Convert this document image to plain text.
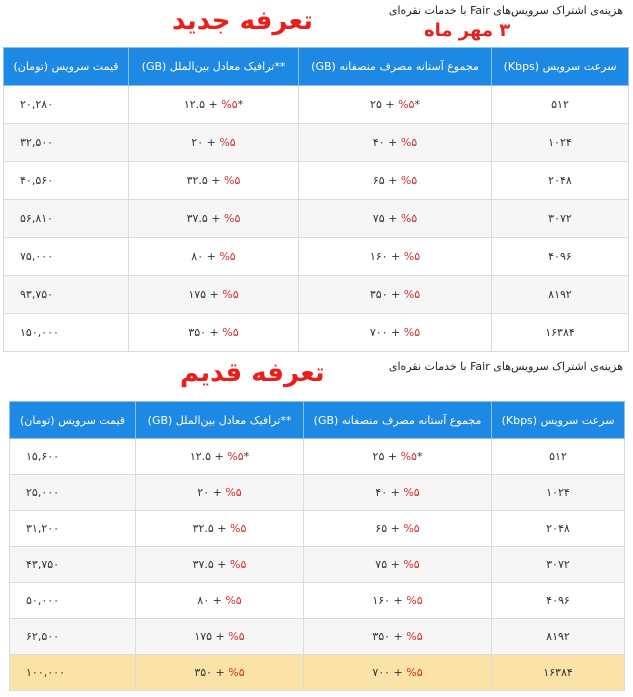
هزینه‌ی اشتراک سرویس‌های Fair با خدمات نقره‌ای
تعرفه جدید	۳ مهر ماه
سرعت سرویس (Kbps)	مجموع آستانه مصرف منصفانه (GB)	**ترافیک معادل بین‌الملل (GB)	قیمت سرویس (تومان)
۵۱۲	۲۵ + %۵*	۱۲.۵ + %۵*	۲۰,۲۸۰
۱۰۲۴	۴۰ + %۵	۲۰ + %۵	۳۲,۵۰۰
۲۰۴۸	۶۵ + %۵	۳۲.۵ + %۵	۴۰,۵۶۰
۳۰۷۲	۷۵ + %۵	۳۷.۵ + %۵	۵۶,۸۱۰
۴۰۹۶	۱۶۰ + %۵	۸۰ + %۵	۷۵,۰۰۰
۸۱۹۲	۳۵۰ + %۵	۱۷۵ + %۵	۹۳,۷۵۰
۱۶۳۸۴	۷۰۰ + %۵	۳۵۰ + %۵	۱۵۰,۰۰۰
تعرفه قدیم	هزینه‌ی اشتراک سرویس‌های Fair با خدمات نقره‌ای
سرعت سرویس (Kbps)	مجموع آستانه مصرف منصفانه (GB)	**ترافیک معادل بین‌الملل (GB)	قیمت سرویس (تومان)
۵۱۲	۲۵ + %۵*	۱۲.۵ + %۵*	۱۵,۶۰۰
۱۰۲۴	۴۰ + %۵	۲۰ + %۵	۲۵,۰۰۰
۲۰۴۸	۶۵ + %۵	۳۲.۵ + %۵	۳۱,۲۰۰
۳۰۷۲	۷۵ + %۵	۳۷.۵ + %۵	۴۳,۷۵۰
۴۰۹۶	۱۶۰ + %۵	۸۰ + %۵	۵۰,۰۰۰
۸۱۹۲	۳۵۰ + %۵	۱۷۵ + %۵	۶۲,۵۰۰
۱۶۳۸۴	۷۰۰ + %۵	۳۵۰ + %۵	۱۰۰,۰۰۰
